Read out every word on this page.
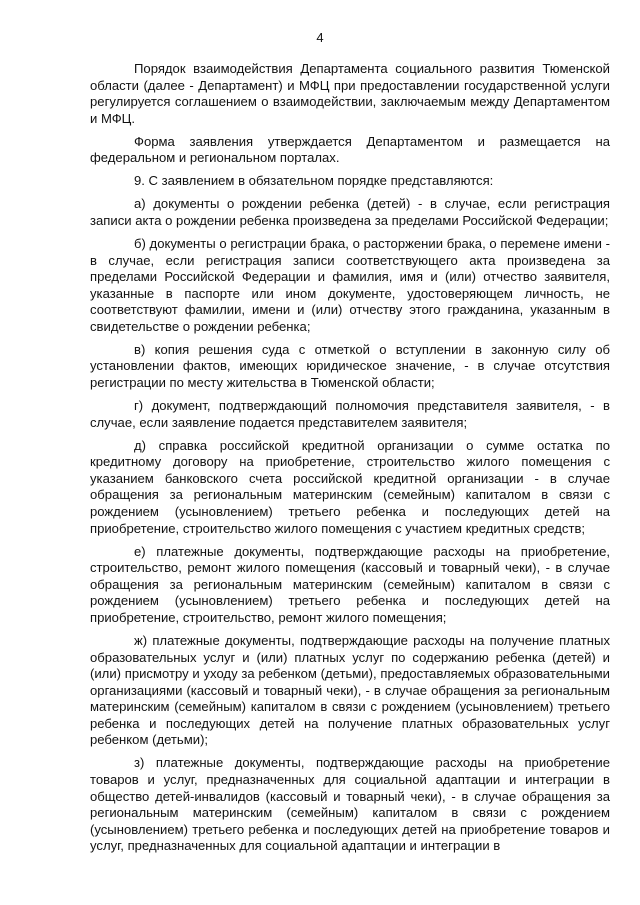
4

Порядок взаимодействия Департамента социального развития Тюменской области (далее - Департамент) и МФЦ при предоставлении государственной услуги регулируется соглашением о взаимодействии, заключаемым между Департаментом и МФЦ.

Форма заявления утверждается Департаментом и размещается на федеральном и региональном порталах.

9. С заявлением в обязательном порядке представляются:

а) документы о рождении ребенка (детей) - в случае, если регистрация записи акта о рождении ребенка произведена за пределами Российской Федерации;

б) документы о регистрации брака, о расторжении брака, о перемене имени - в случае, если регистрация записи соответствующего акта произведена за пределами Российской Федерации и фамилия, имя и (или) отчество заявителя, указанные в паспорте или ином документе, удостоверяющем личность, не соответствуют фамилии, имени и (или) отчеству этого гражданина, указанным в свидетельстве о рождении ребенка;

в) копия решения суда с отметкой о вступлении в законную силу об установлении фактов, имеющих юридическое значение, - в случае отсутствия регистрации по месту жительства в Тюменской области;

г) документ, подтверждающий полномочия представителя заявителя, - в случае, если заявление подается представителем заявителя;

д) справка российской кредитной организации о сумме остатка по кредитному договору на приобретение, строительство жилого помещения с указанием банковского счета российской кредитной организации - в случае обращения за региональным материнским (семейным) капиталом в связи с рождением (усыновлением) третьего ребенка и последующих детей на приобретение, строительство жилого помещения с участием кредитных средств;

е) платежные документы, подтверждающие расходы на приобретение, строительство, ремонт жилого помещения (кассовый и товарный чеки), - в случае обращения за региональным материнским (семейным) капиталом в связи с рождением (усыновлением) третьего ребенка и последующих детей на приобретение, строительство, ремонт жилого помещения;

ж) платежные документы, подтверждающие расходы на получение платных образовательных услуг и (или) платных услуг по содержанию ребенка (детей) и (или) присмотру и уходу за ребенком (детьми), предоставляемых образовательными организациями (кассовый и товарный чеки), - в случае обращения за региональным материнским (семейным) капиталом в связи с рождением (усыновлением) третьего ребенка и последующих детей на получение платных образовательных услуг ребенком (детьми);

з) платежные документы, подтверждающие расходы на приобретение товаров и услуг, предназначенных для социальной адаптации и интеграции в общество детей-инвалидов (кассовый и товарный чеки), - в случае обращения за региональным материнским (семейным) капиталом в связи с рождением (усыновлением) третьего ребенка и последующих детей на приобретение товаров и услуг, предназначенных для социальной адаптации и интеграции в
